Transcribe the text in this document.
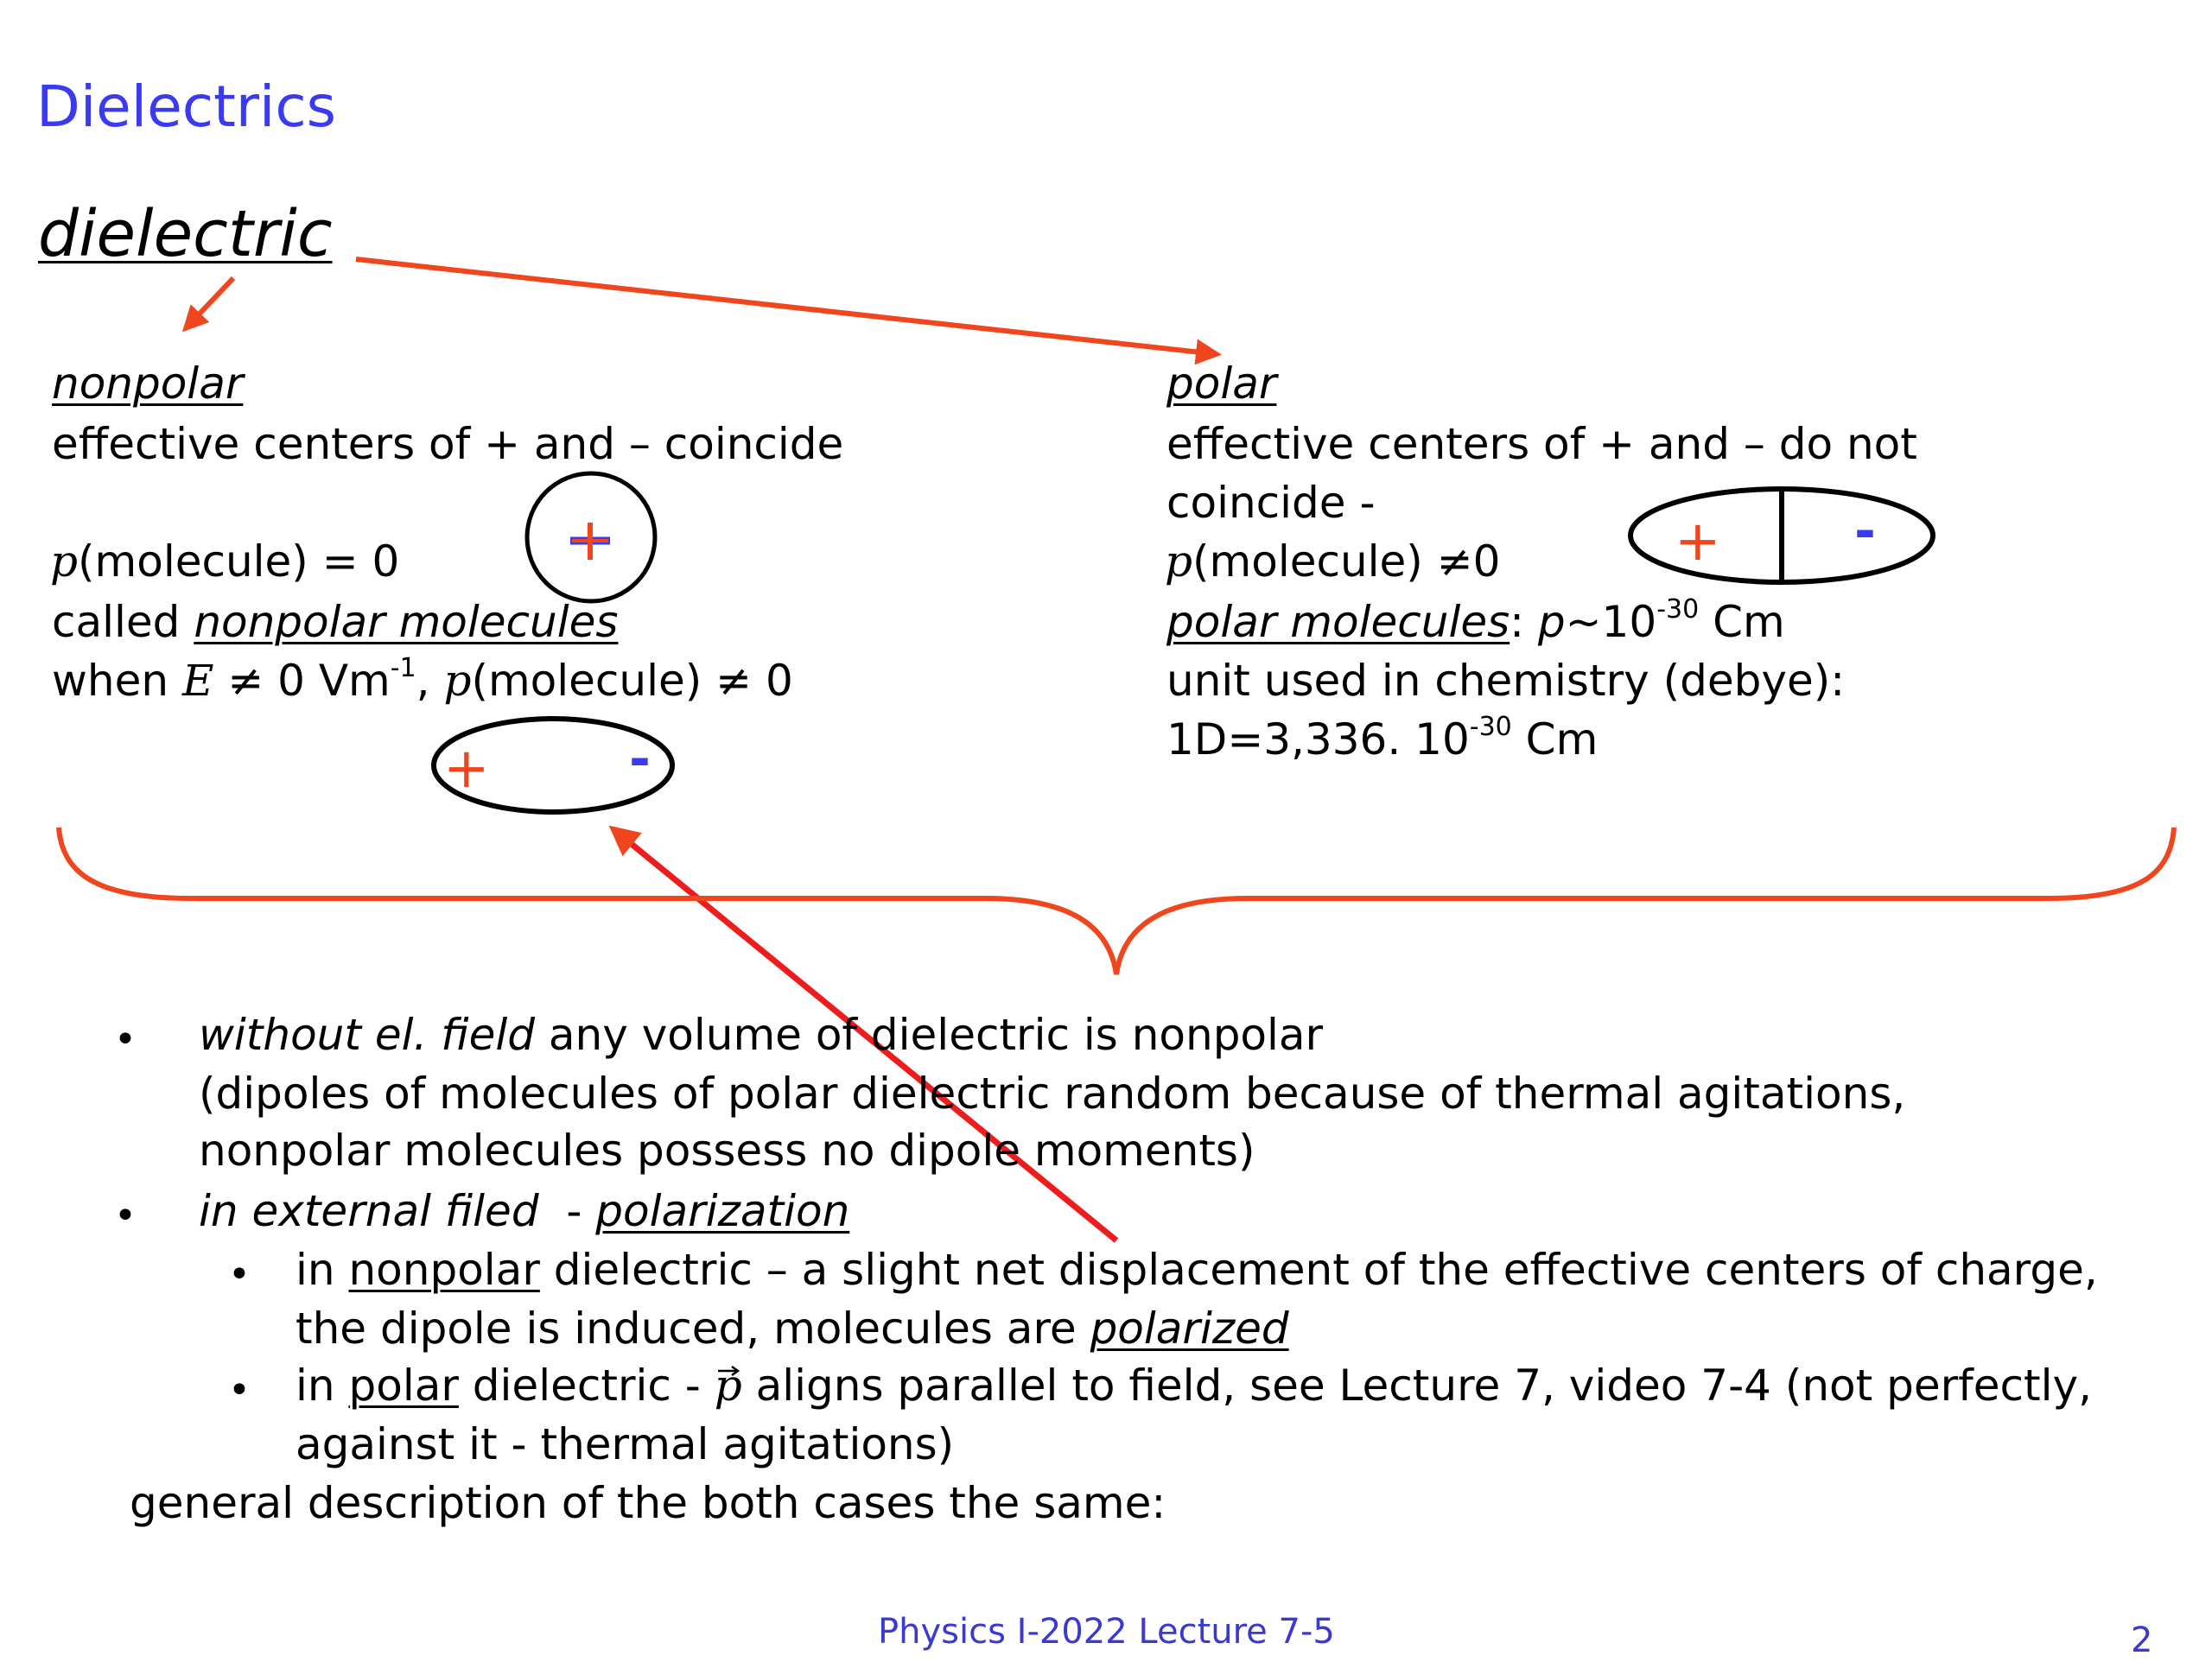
Dielectrics
dielectric
+	-
+	-
nonpolar
effective centers of + and – coincide
p(molecule) = 0
called nonpolar molecules
when E ≠ 0 $Vm^{-1}$, p(molecule) ≠ 0
polar
effective centers of + and – do not
coincide -
p(molecule) ≠0
polar molecules: $p\sim 10^{-30}$ Cm
unit used in chemistry (debye):
1D=3,336. $10^{-30}$ Cm
• without el. field any volume of dielectric is nonpolar
(dipoles of molecules of polar dielectric random because of thermal agitations,
nonpolar molecules possess no dipole moments)
• in external filed  - polarization
• in nonpolar dielectric – a slight net displacement of the effective centers of charge,
the dipole is induced, molecules are polarized
• in polar dielectric - p
aligns parallel to field, see Lecture 7, video 7-4 (not perfectly,
against it - thermal agitations)
general description of the both cases the same:
Physics I-2022 Lecture 7-5	2
